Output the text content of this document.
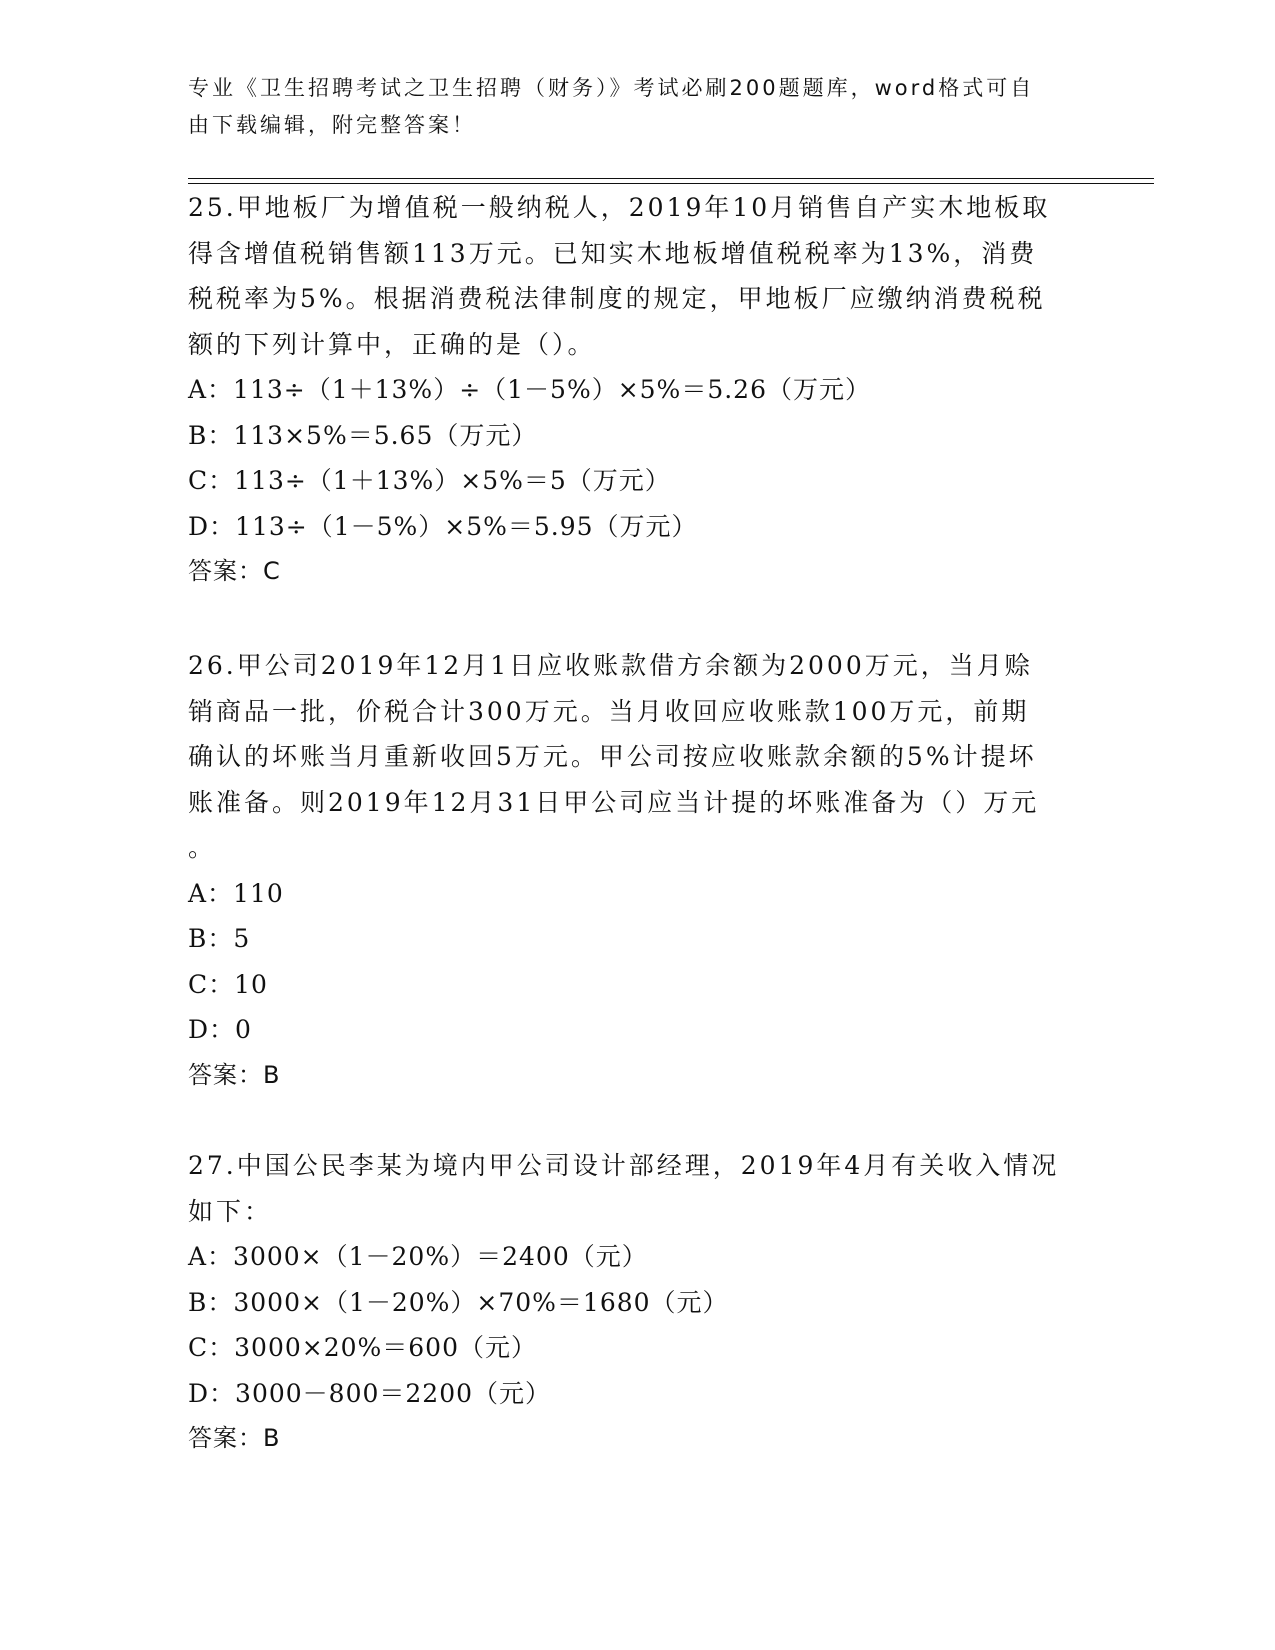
专业《卫生招聘考试之卫生招聘（财务）》考试必刷200题题库，word格式可自
由下载编辑，附完整答案！

25.甲地板厂为增值税一般纳税人，2019年10月销售自产实木地板取

得含增值税销售额113万元。已知实木地板增值税税率为13%，消费

税税率为5%。根据消费税法律制度的规定，甲地板厂应缴纳消费税税

额的下列计算中，正确的是（）。

A：113÷（1＋13%）÷（1－5%）×5%＝5.26（万元）

B：113×5%＝5.65（万元）

C：113÷（1＋13%）×5%＝5（万元）

D：113÷（1－5%）×5%＝5.95（万元）

答案：C

26.甲公司2019年12月1日应收账款借方余额为2000万元，当月赊

销商品一批，价税合计300万元。当月收回应收账款100万元，前期

确认的坏账当月重新收回5万元。甲公司按应收账款余额的5%计提坏

账准备。则2019年12月31日甲公司应当计提的坏账准备为（）万元

。

A：110

B：5

C：10

D：0

答案：B

27.中国公民李某为境内甲公司设计部经理，2019年4月有关收入情况

如下：

A：3000×（1－20%）＝2400（元）

B：3000×（1－20%）×70%＝1680（元）

C：3000×20%＝600（元）

D：3000－800＝2200（元）

答案：B
